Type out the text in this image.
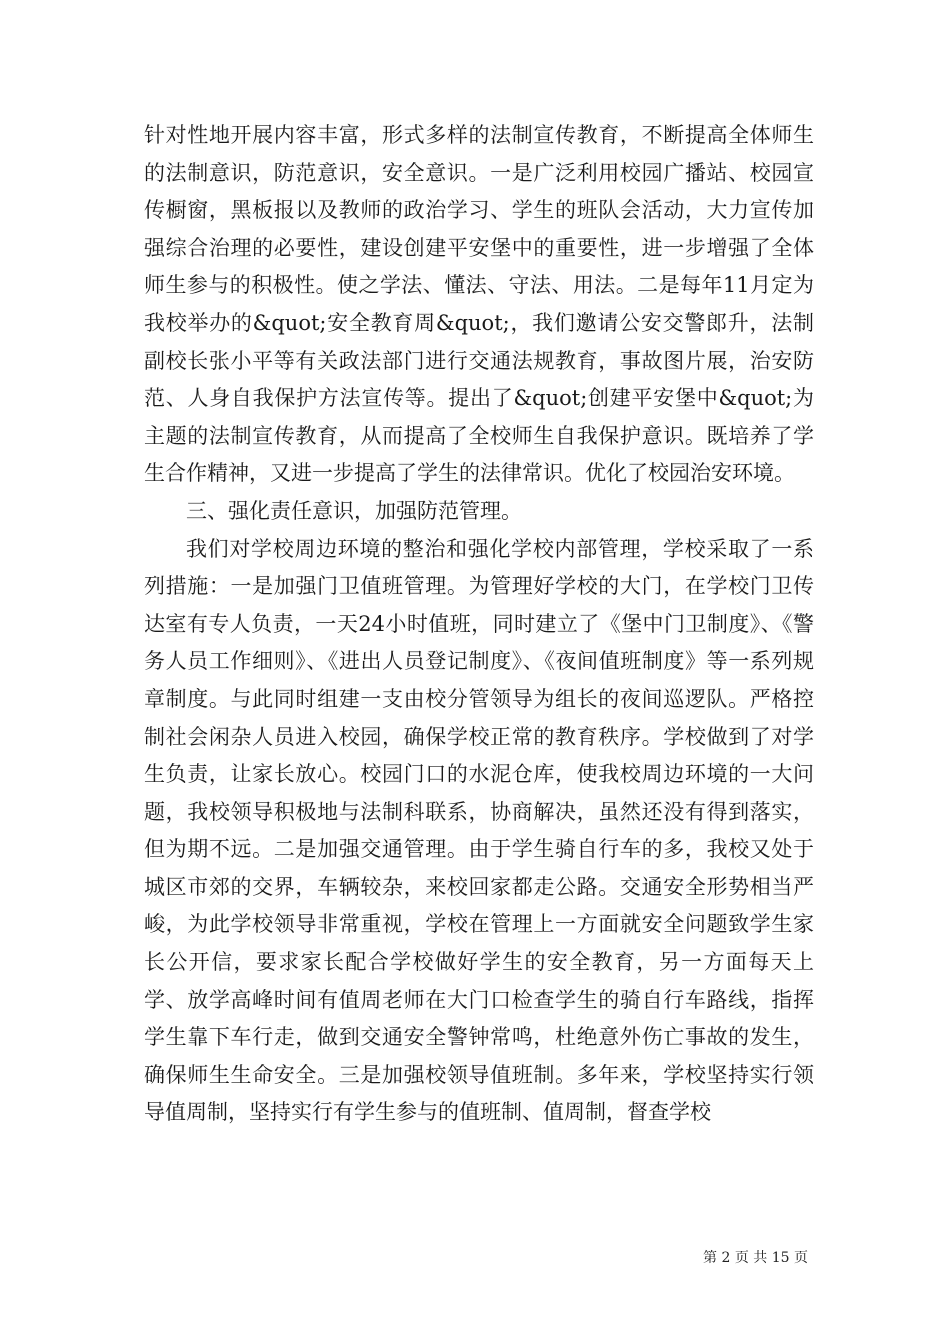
针对性地开展内容丰富，形式多样的法制宣传教育，不断提高全体师生的法制意识，防范意识，安全意识。一是广泛利用校园广播站、校园宣传橱窗，黑板报以及教师的政治学习、学生的班队会活动，大力宣传加强综合治理的必要性，建设创建平安堡中的重要性，进一步增强了全体师生参与的积极性。使之学法、懂法、守法、用法。二是每年11月定为我校举办的&quot;安全教育周&quot;，我们邀请公安交警郎升，法制副校长张小平等有关政法部门进行交通法规教育，事故图片展，治安防范、人身自我保护方法宣传等。提出了&quot;创建平安堡中&quot;为主题的法制宣传教育，从而提高了全校师生自我保护意识。既培养了学生合作精神，又进一步提高了学生的法律常识。优化了校园治安环境。

三、强化责任意识，加强防范管理。

我们对学校周边环境的整治和强化学校内部管理，学校采取了一系列措施：一是加强门卫值班管理。为管理好学校的大门，在学校门卫传达室有专人负责，一天24小时值班，同时建立了《堡中门卫制度》、《警务人员工作细则》、《进出人员登记制度》、《夜间值班制度》等一系列规章制度。与此同时组建一支由校分管领导为组长的夜间巡逻队。严格控制社会闲杂人员进入校园，确保学校正常的教育秩序。学校做到了对学生负责，让家长放心。校园门口的水泥仓库，使我校周边环境的一大问题，我校领导积极地与法制科联系，协商解决，虽然还没有得到落实，但为期不远。二是加强交通管理。由于学生骑自行车的多，我校又处于城区市郊的交界，车辆较杂，来校回家都走公路。交通安全形势相当严峻，为此学校领导非常重视，学校在管理上一方面就安全问题致学生家长公开信，要求家长配合学校做好学生的安全教育，另一方面每天上学、放学高峰时间有值周老师在大门口检查学生的骑自行车路线，指挥学生靠下车行走，做到交通安全警钟常鸣，杜绝意外伤亡事故的发生，确保师生生命安全。三是加强校领导值班制。多年来，学校坚持实行领导值周制，坚持实行有学生参与的值班制、值周制，督查学校

第 2 页 共 15 页
